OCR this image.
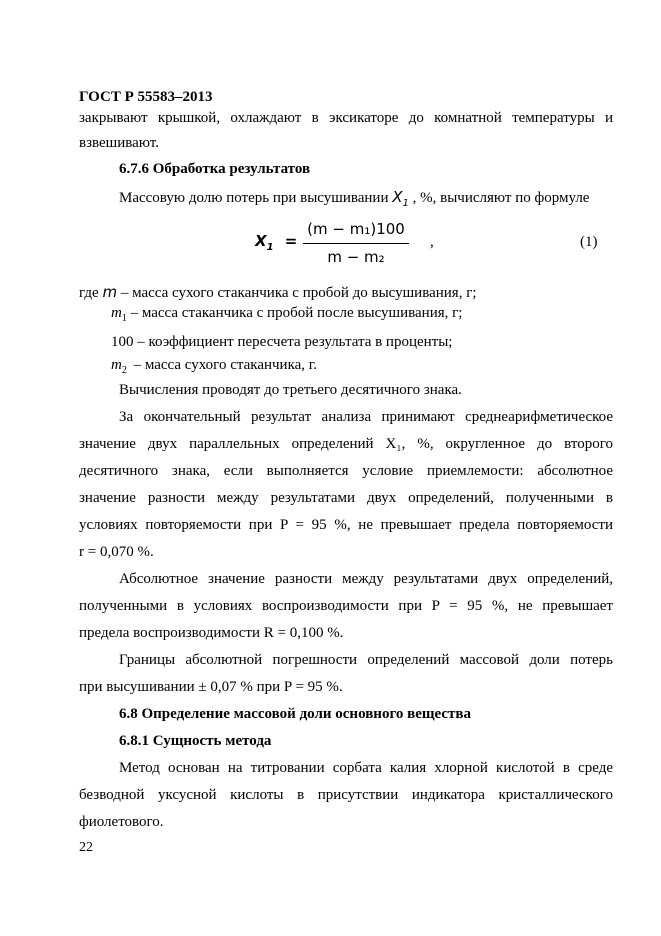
ГОСТ Р 55583–2013
закрывают крышкой, охлаждают в эксикаторе до комнатной температуры и
взвешивают.
6.7.6 Обработка результатов
Массовую долю потерь при высушивании $X_1$ , %, вычисляют по формуле
$X_1$ =
(m − m₁)100
m − m₂
,	(1)
где m – масса сухого стаканчика с пробой до высушивания, г;
$m_1$ – масса стаканчика с пробой после высушивания, г;
100 – коэффициент пересчета результата в проценты;
$m_2$ – масса сухого стаканчика, г.
Вычисления проводят до третьего десятичного знака.
За окончательный результат анализа принимают среднеарифметическое
значение двух параллельных определений X₁, %, округленное до второго
десятичного знака, если выполняется условие приемлемости: абсолютное
значение разности между результатами двух определений, полученными в
условиях повторяемости при P = 95 %, не превышает предела повторяемости
r = 0,070 %.
Абсолютное значение разности между результатами двух определений,
полученными в условиях воспроизводимости при P = 95 %, не превышает
предела воспроизводимости R = 0,100 %.
Границы абсолютной погрешности определений массовой доли потерь
при высушивании ± 0,07 % при P = 95 %.
6.8 Определение массовой доли основного вещества
6.8.1 Сущность метода
Метод основан на титровании сорбата калия хлорной кислотой в среде
безводной уксусной кислоты в присутствии индикатора кристаллического
фиолетового.
22
